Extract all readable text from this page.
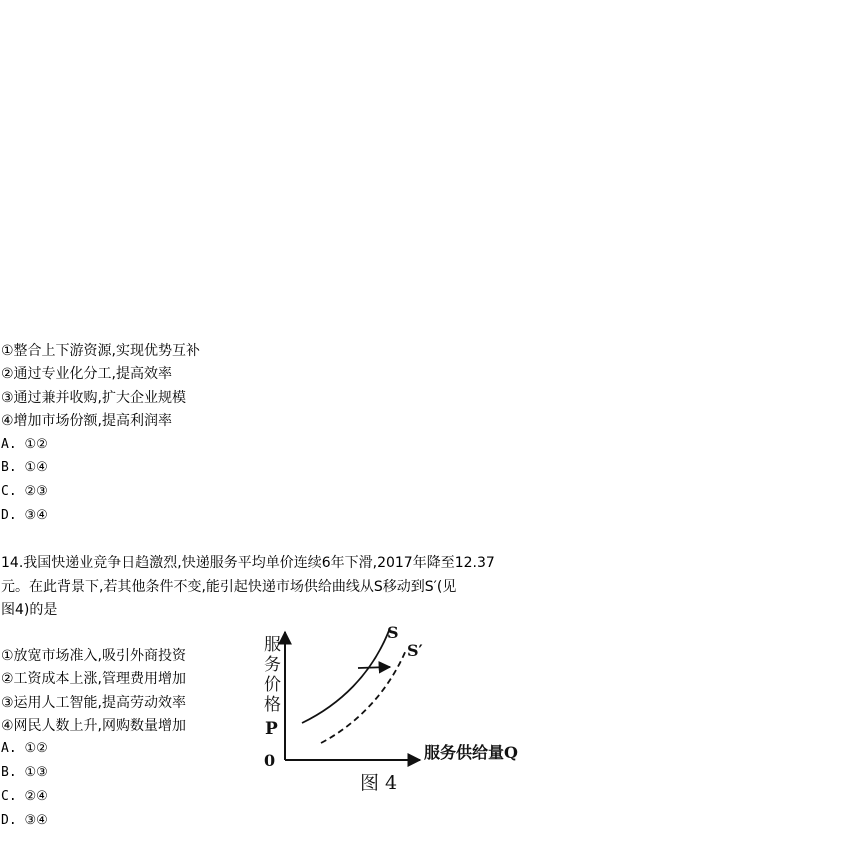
①整合上下游资源,实现优势互补
②通过专业化分工,提高效率
③通过兼并收购,扩大企业规模
④增加市场份额,提高利润率
A. ①②
B. ①④
C. ②③
D. ③④
14.我国快递业竞争日趋激烈,快递服务平均单价连续6年下滑,2017年降至12.37
元。在此背景下,若其他条件不变,能引起快递市场供给曲线从S移动到S′(见
图4)的是
①放宽市场准入,吸引外商投资
②工资成本上涨,管理费用增加
③运用人工智能,提高劳动效率
④网民人数上升,网购数量增加
A. ①②
B. ①③
C. ②④
D. ③④
服
务
价
格
P
0
S
S′
服务供给量Q
图 4
